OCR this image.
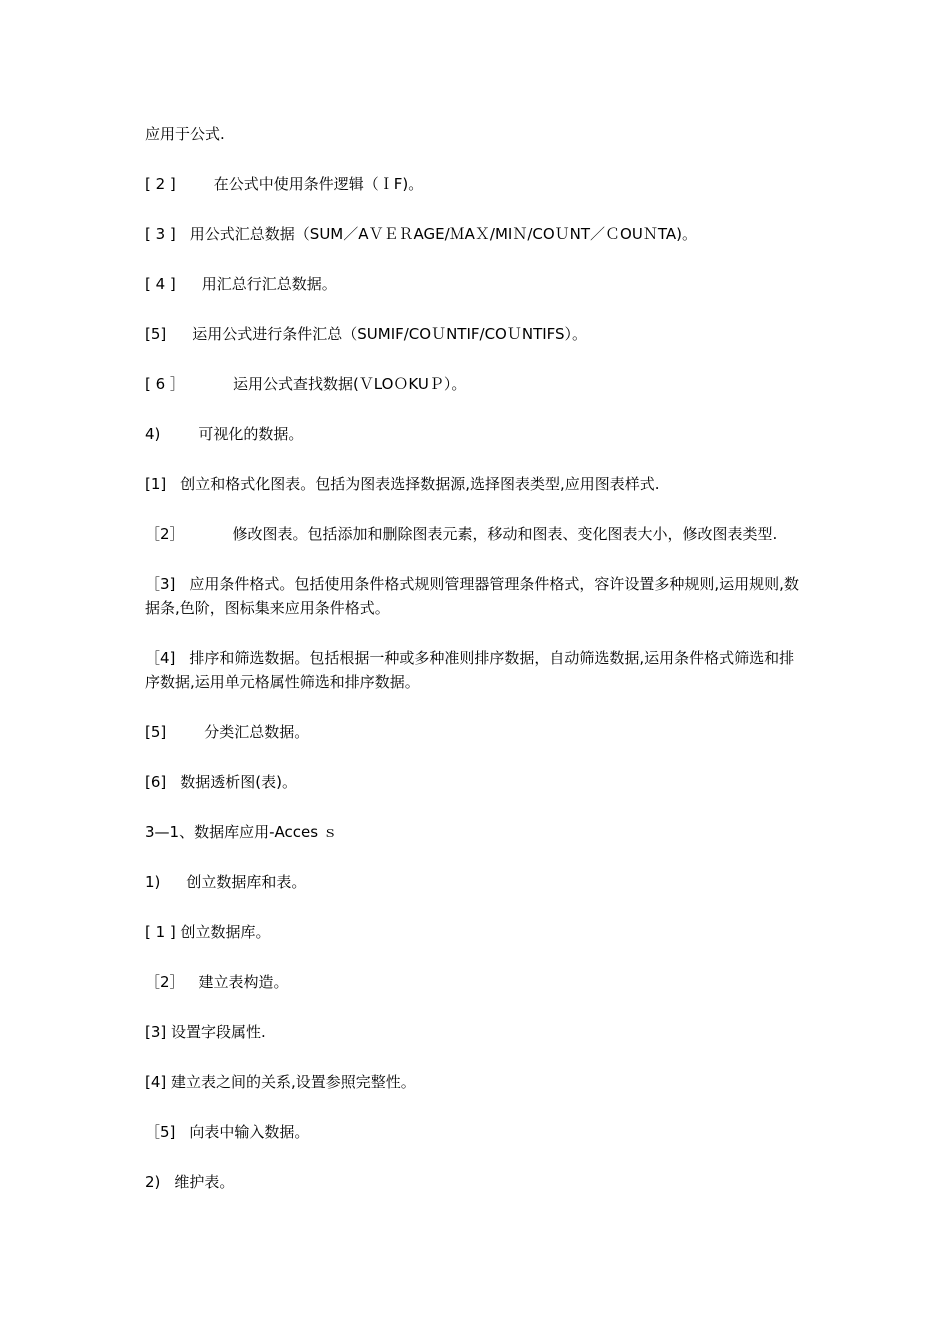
应用于公式.

[ 2 ]	在公式中使用条件逻辑（ＩF)。

[ 3 ] 用公式汇总数据（SUM／AＶＥＲAGE/ＭAＸ/MIＮ/COＵNT／ＣOUＮTA)。

[ 4 ] 用汇总行汇总数据。

[5] 运用公式进行条件汇总（SUMIF/COＵNTIF/COＵNTIFS）。

[ 6 ］	运用公式查找数据(ＶLOＯKUＰ）。

4)	可视化的数据。

[1] 创立和格式化图表。包括为图表选择数据源,选择图表类型,应用图表样式.

［2］	修改图表。包括添加和删除图表元素，移动和图表、变化图表大小，修改图表类型.

［3] 应用条件格式。包括使用条件格式规则管理器管理条件格式，容许设置多种规则,运用规则,数据条,色阶，图标集来应用条件格式。

［4] 排序和筛选数据。包括根据一种或多种准则排序数据，自动筛选数据,运用条件格式筛选和排序数据,运用单元格属性筛选和排序数据。

[5]	分类汇总数据。

[6] 数据透析图(表)。

3—1、数据库应用-Acces ｓ

1) 创立数据库和表。

[ 1 ] 创立数据库。

［2］ 建立表构造。

[3] 设置字段属性.

[4] 建立表之间的关系,设置参照完整性。

［5] 向表中输入数据。

2) 维护表。
